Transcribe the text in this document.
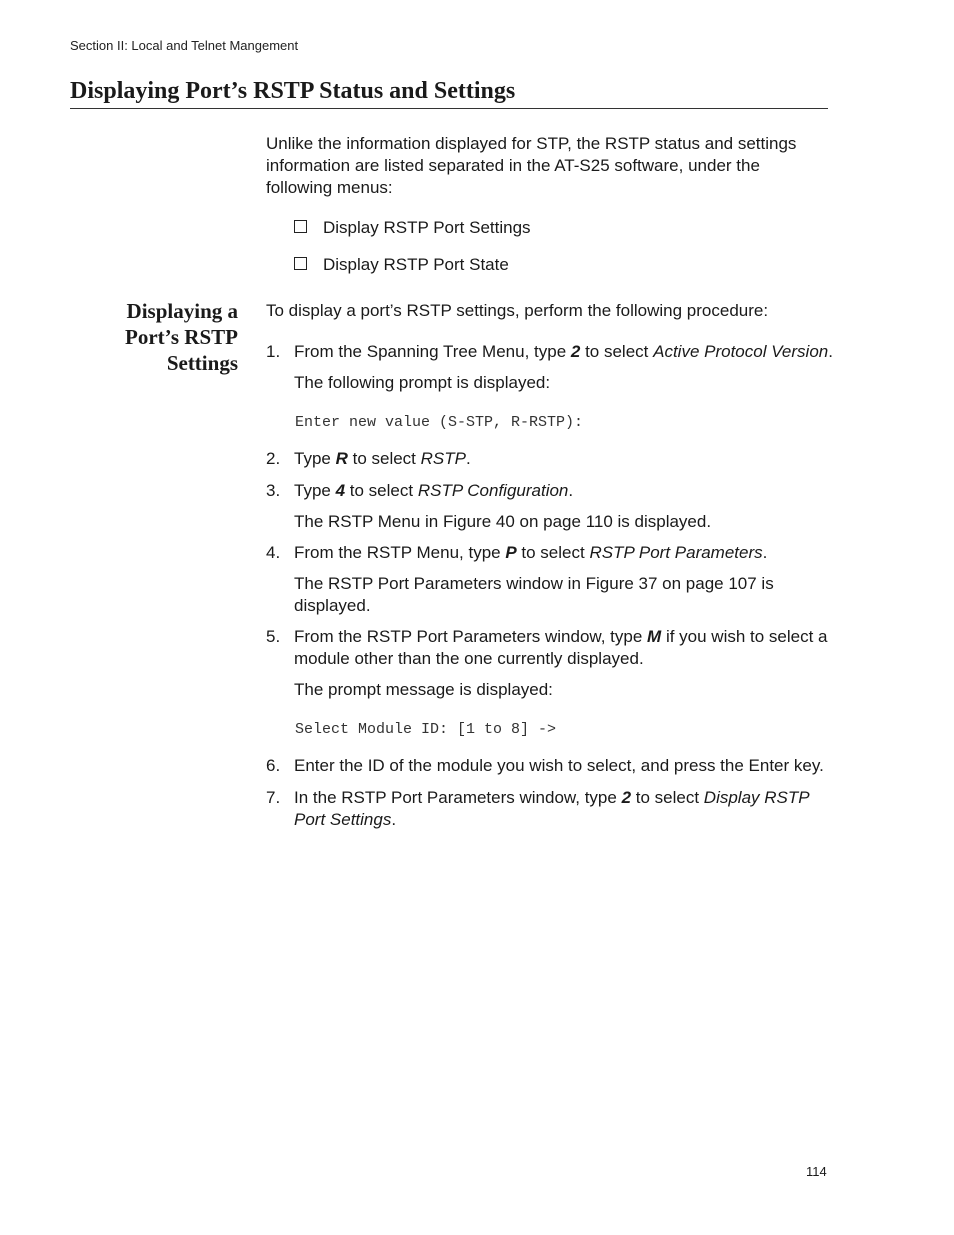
Section II: Local and Telnet Mangement
Displaying Port’s RSTP Status and Settings
Unlike the information displayed for STP, the RSTP status and settings information are listed separated in the AT-S25 software, under the following menus:
Display RSTP Port Settings
Display RSTP Port State
Displaying a
Port’s RSTP
Settings
To display a port’s RSTP settings, perform the following procedure:
1. From the Spanning Tree Menu, type 2 to select Active Protocol Version.
The following prompt is displayed:
Enter new value (S-STP, R-RSTP):
2. Type R to select RSTP.
3. Type 4 to select RSTP Configuration.
The RSTP Menu in Figure 40 on page 110 is displayed.
4. From the RSTP Menu, type P to select RSTP Port Parameters.
The RSTP Port Parameters window in Figure 37 on page 107 is displayed.
5. From the RSTP Port Parameters window, type M if you wish to select a module other than the one currently displayed.
The prompt message is displayed:
Select Module ID: [1 to 8] ->
6. Enter the ID of the module you wish to select, and press the Enter key.
7. In the RSTP Port Parameters window, type 2 to select Display RSTP Port Settings.
114
